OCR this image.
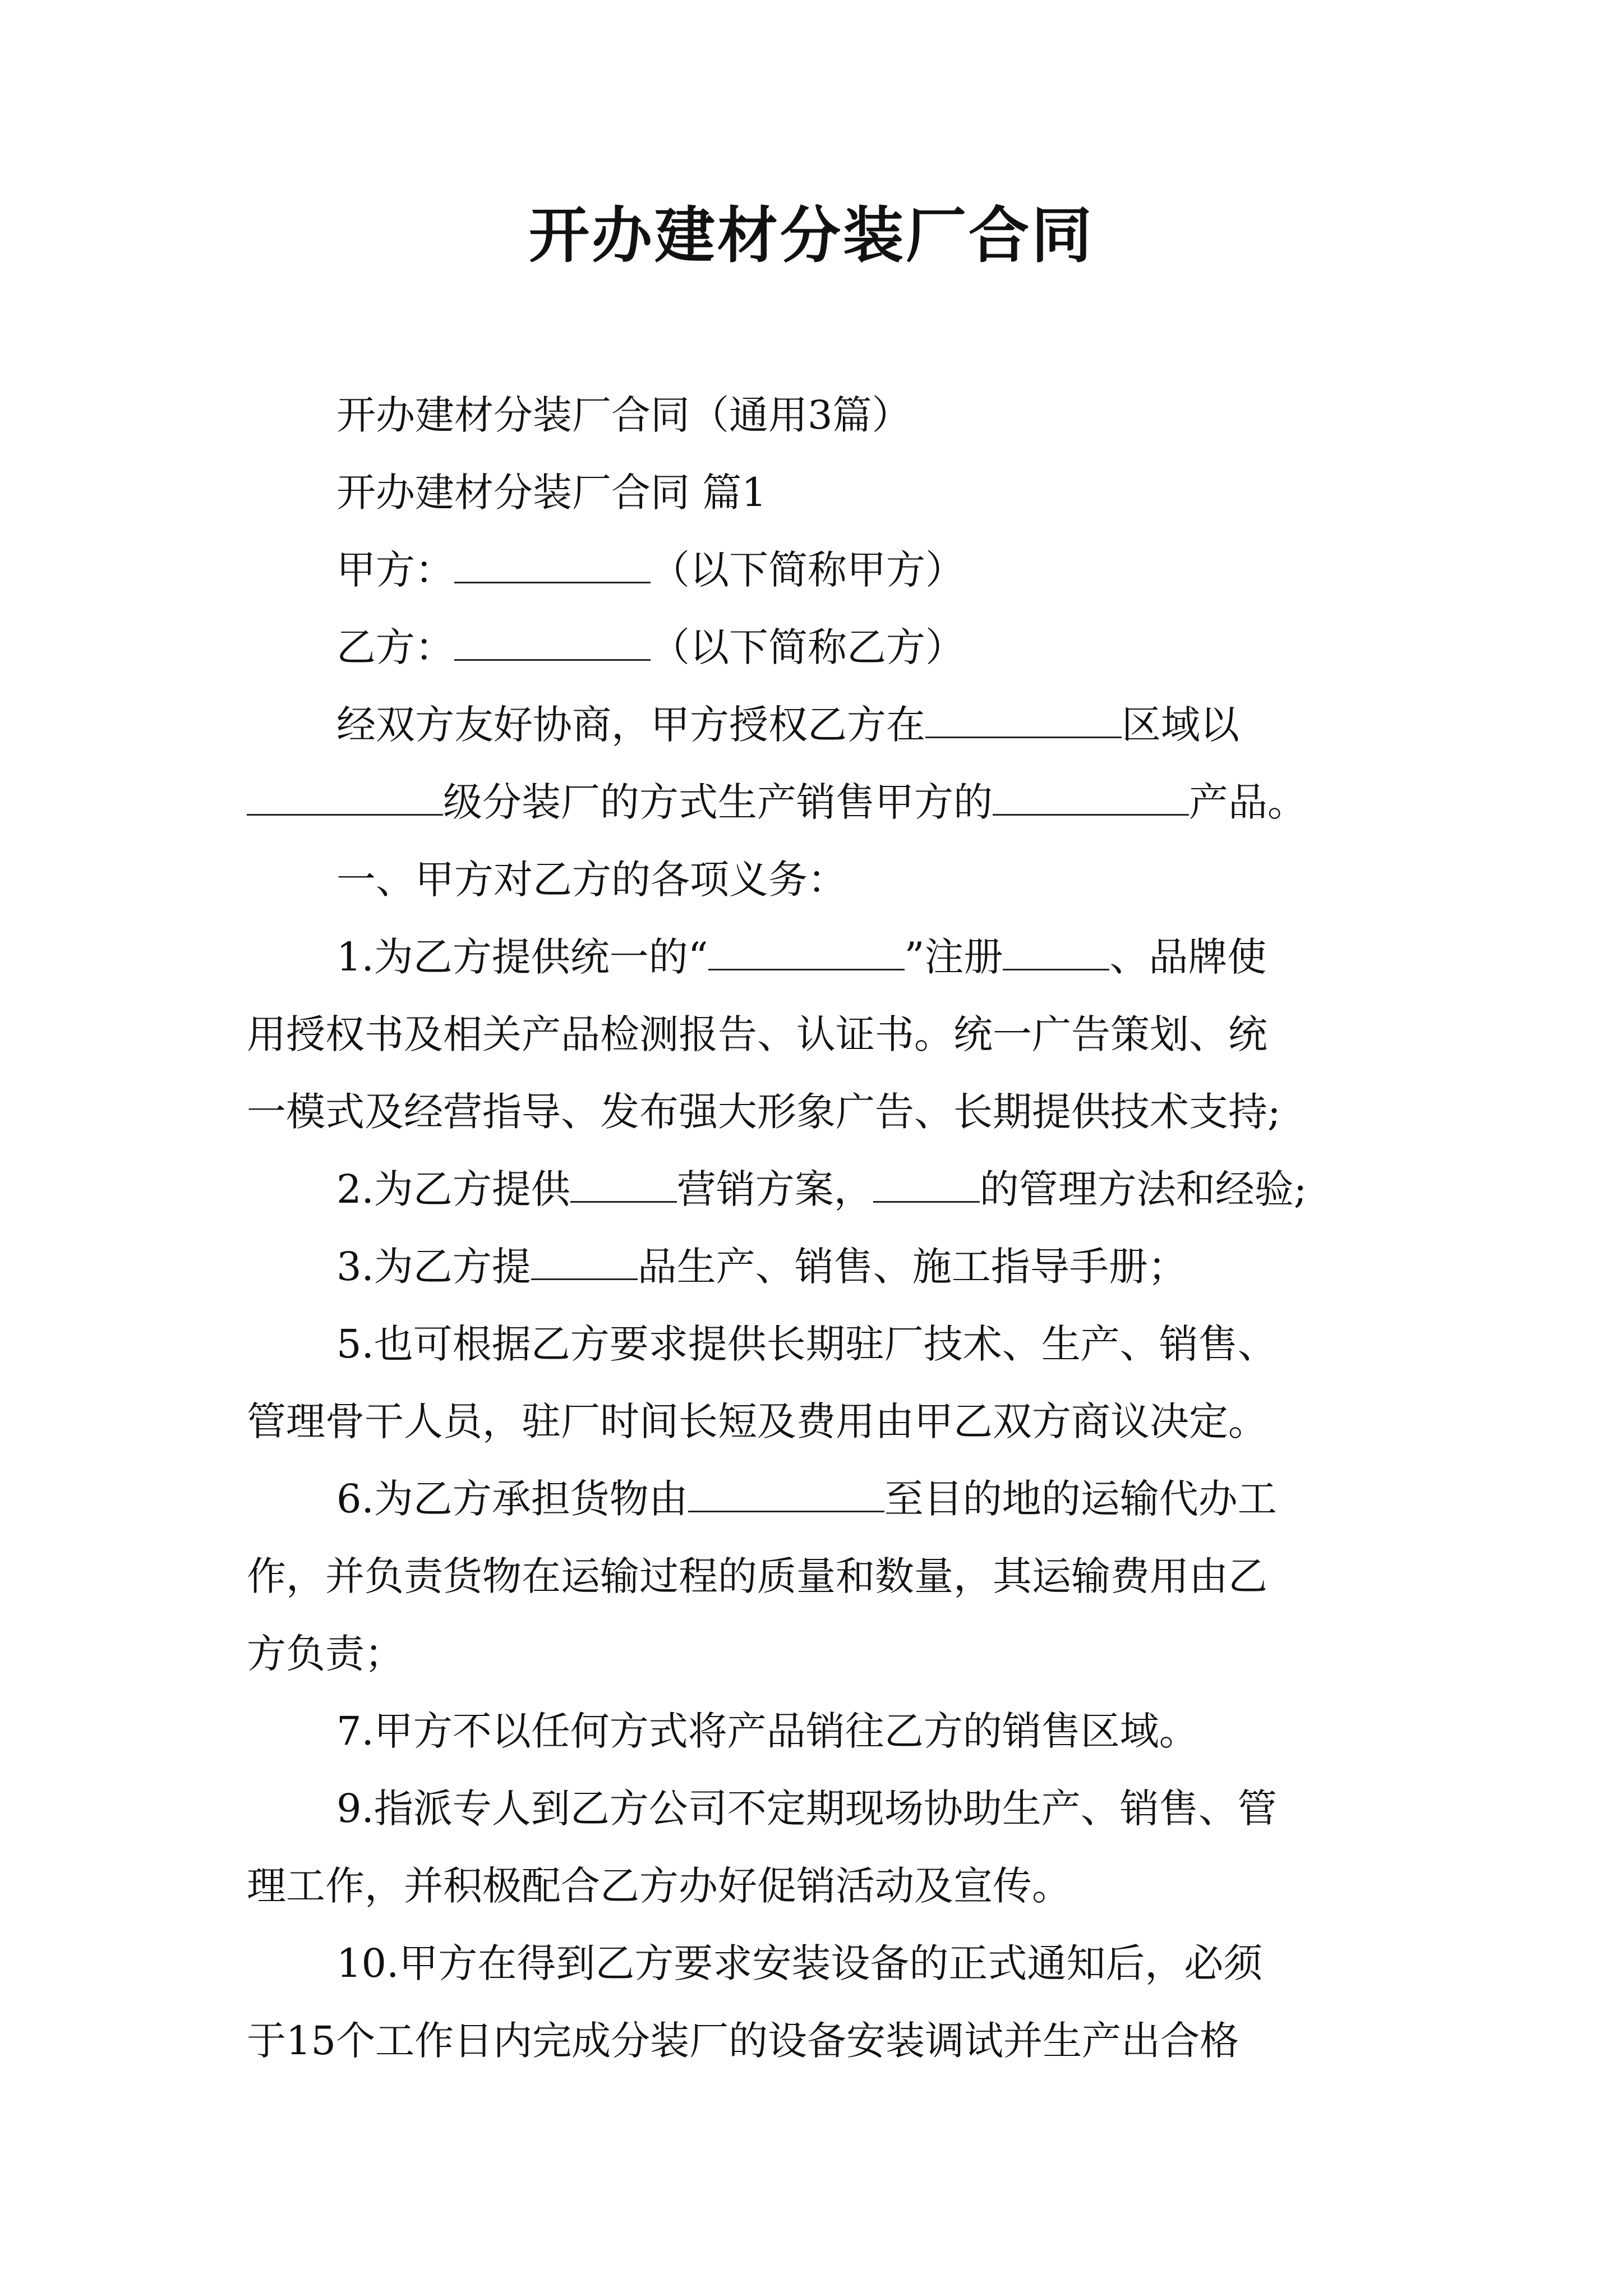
开办建材分装厂合同
开办建材分装厂合同（通用3篇）
开办建材分装厂合同 篇1
甲方：	（以下简称甲方）
乙方：	（以下简称乙方）
经双方友好协商，甲方授权乙方在	区域以
级分装厂的方式生产销售甲方的	产品。
一、甲方对乙方的各项义务：
1.为乙方提供统一的“	”注册	、品牌使
用授权书及相关产品检测报告、认证书。统一广告策划、统
一模式及经营指导、发布强大形象广告、长期提供技术支持;
2.为乙方提供	营销方案，	的管理方法和经验;
3.为乙方提	品生产、销售、施工指导手册；
5.也可根据乙方要求提供长期驻厂技术、生产、销售、
管理骨干人员，驻厂时间长短及费用由甲乙双方商议决定。
6.为乙方承担货物由	至目的地的运输代办工
作，并负责货物在运输过程的质量和数量，其运输费用由乙
方负责；
7.甲方不以任何方式将产品销往乙方的销售区域。
9.指派专人到乙方公司不定期现场协助生产、销售、管
理工作，并积极配合乙方办好促销活动及宣传。
10.甲方在得到乙方要求安装设备的正式通知后，必须
于15个工作日内完成分装厂的设备安装调试并生产出合格
